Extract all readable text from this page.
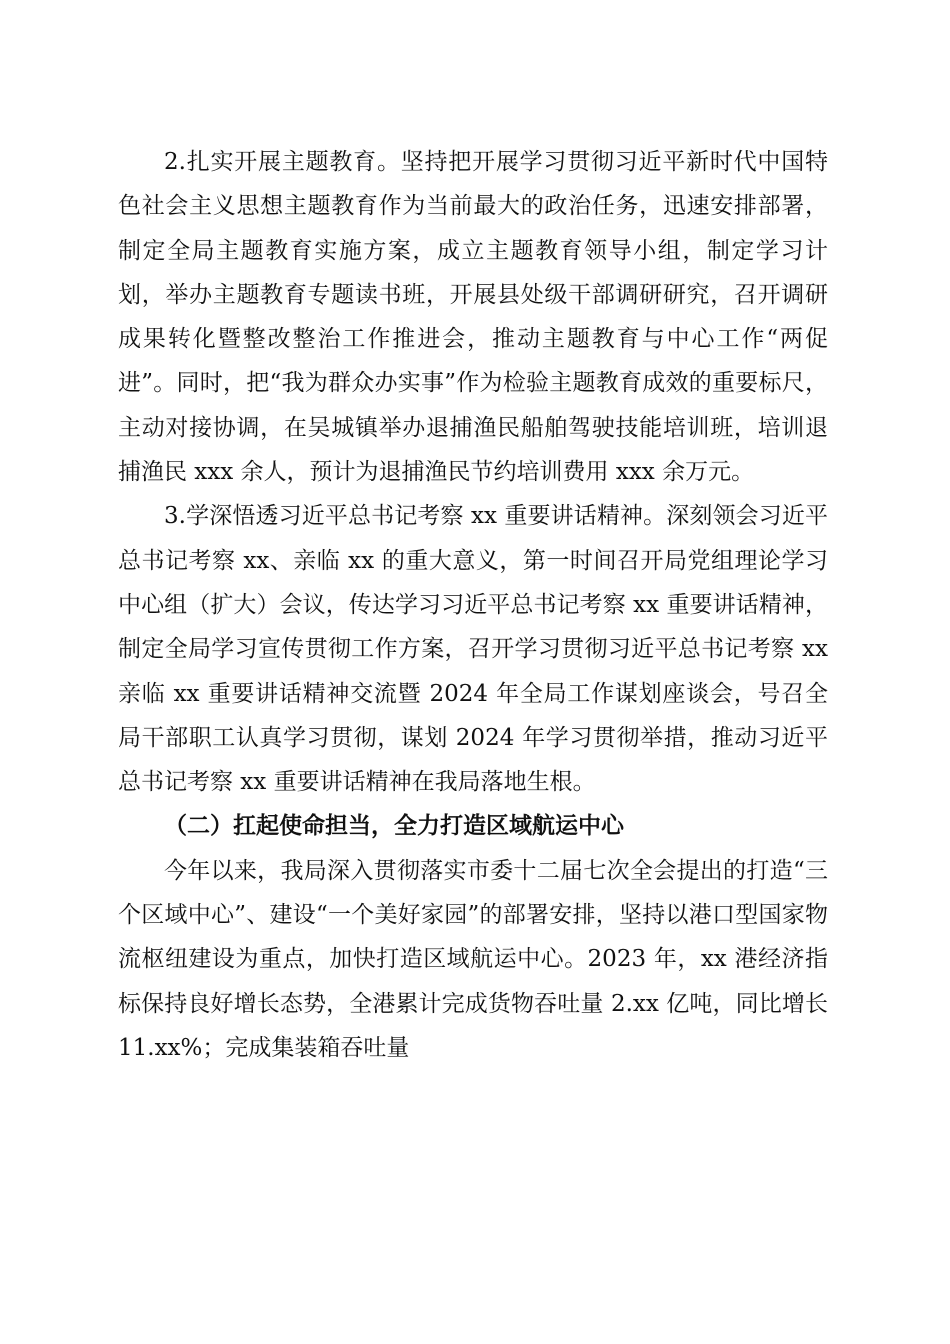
2.扎实开展主题教育。坚持把开展学习贯彻习近平新时代中国特色社会主义思想主题教育作为当前最大的政治任务，迅速安排部署，制定全局主题教育实施方案，成立主题教育领导小组，制定学习计划，举办主题教育专题读书班，开展县处级干部调研研究，召开调研成果转化暨整改整治工作推进会，推动主题教育与中心工作“两促进”。同时，把“我为群众办实事”作为检验主题教育成效的重要标尺，主动对接协调，在吴城镇举办退捕渔民船舶驾驶技能培训班，培训退捕渔民 xxx 余人，预计为退捕渔民节约培训费用 xxx 余万元。

3.学深悟透习近平总书记考察 xx 重要讲话精神。深刻领会习近平总书记考察 xx、亲临 xx 的重大意义，第一时间召开局党组理论学习中心组（扩大）会议，传达学习习近平总书记考察 xx 重要讲话精神，制定全局学习宣传贯彻工作方案，召开学习贯彻习近平总书记考察 xx 亲临 xx 重要讲话精神交流暨 2024 年全局工作谋划座谈会，号召全局干部职工认真学习贯彻，谋划 2024 年学习贯彻举措，推动习近平总书记考察 xx 重要讲话精神在我局落地生根。

（二）扛起使命担当，全力打造区域航运中心

今年以来，我局深入贯彻落实市委十二届七次全会提出的打造“三个区域中心”、建设“一个美好家园”的部署安排，坚持以港口型国家物流枢纽建设为重点，加快打造区域航运中心。2023 年，xx 港经济指标保持良好增长态势，全港累计完成货物吞吐量 2.xx 亿吨，同比增长 11.xx%；完成集装箱吞吐量
